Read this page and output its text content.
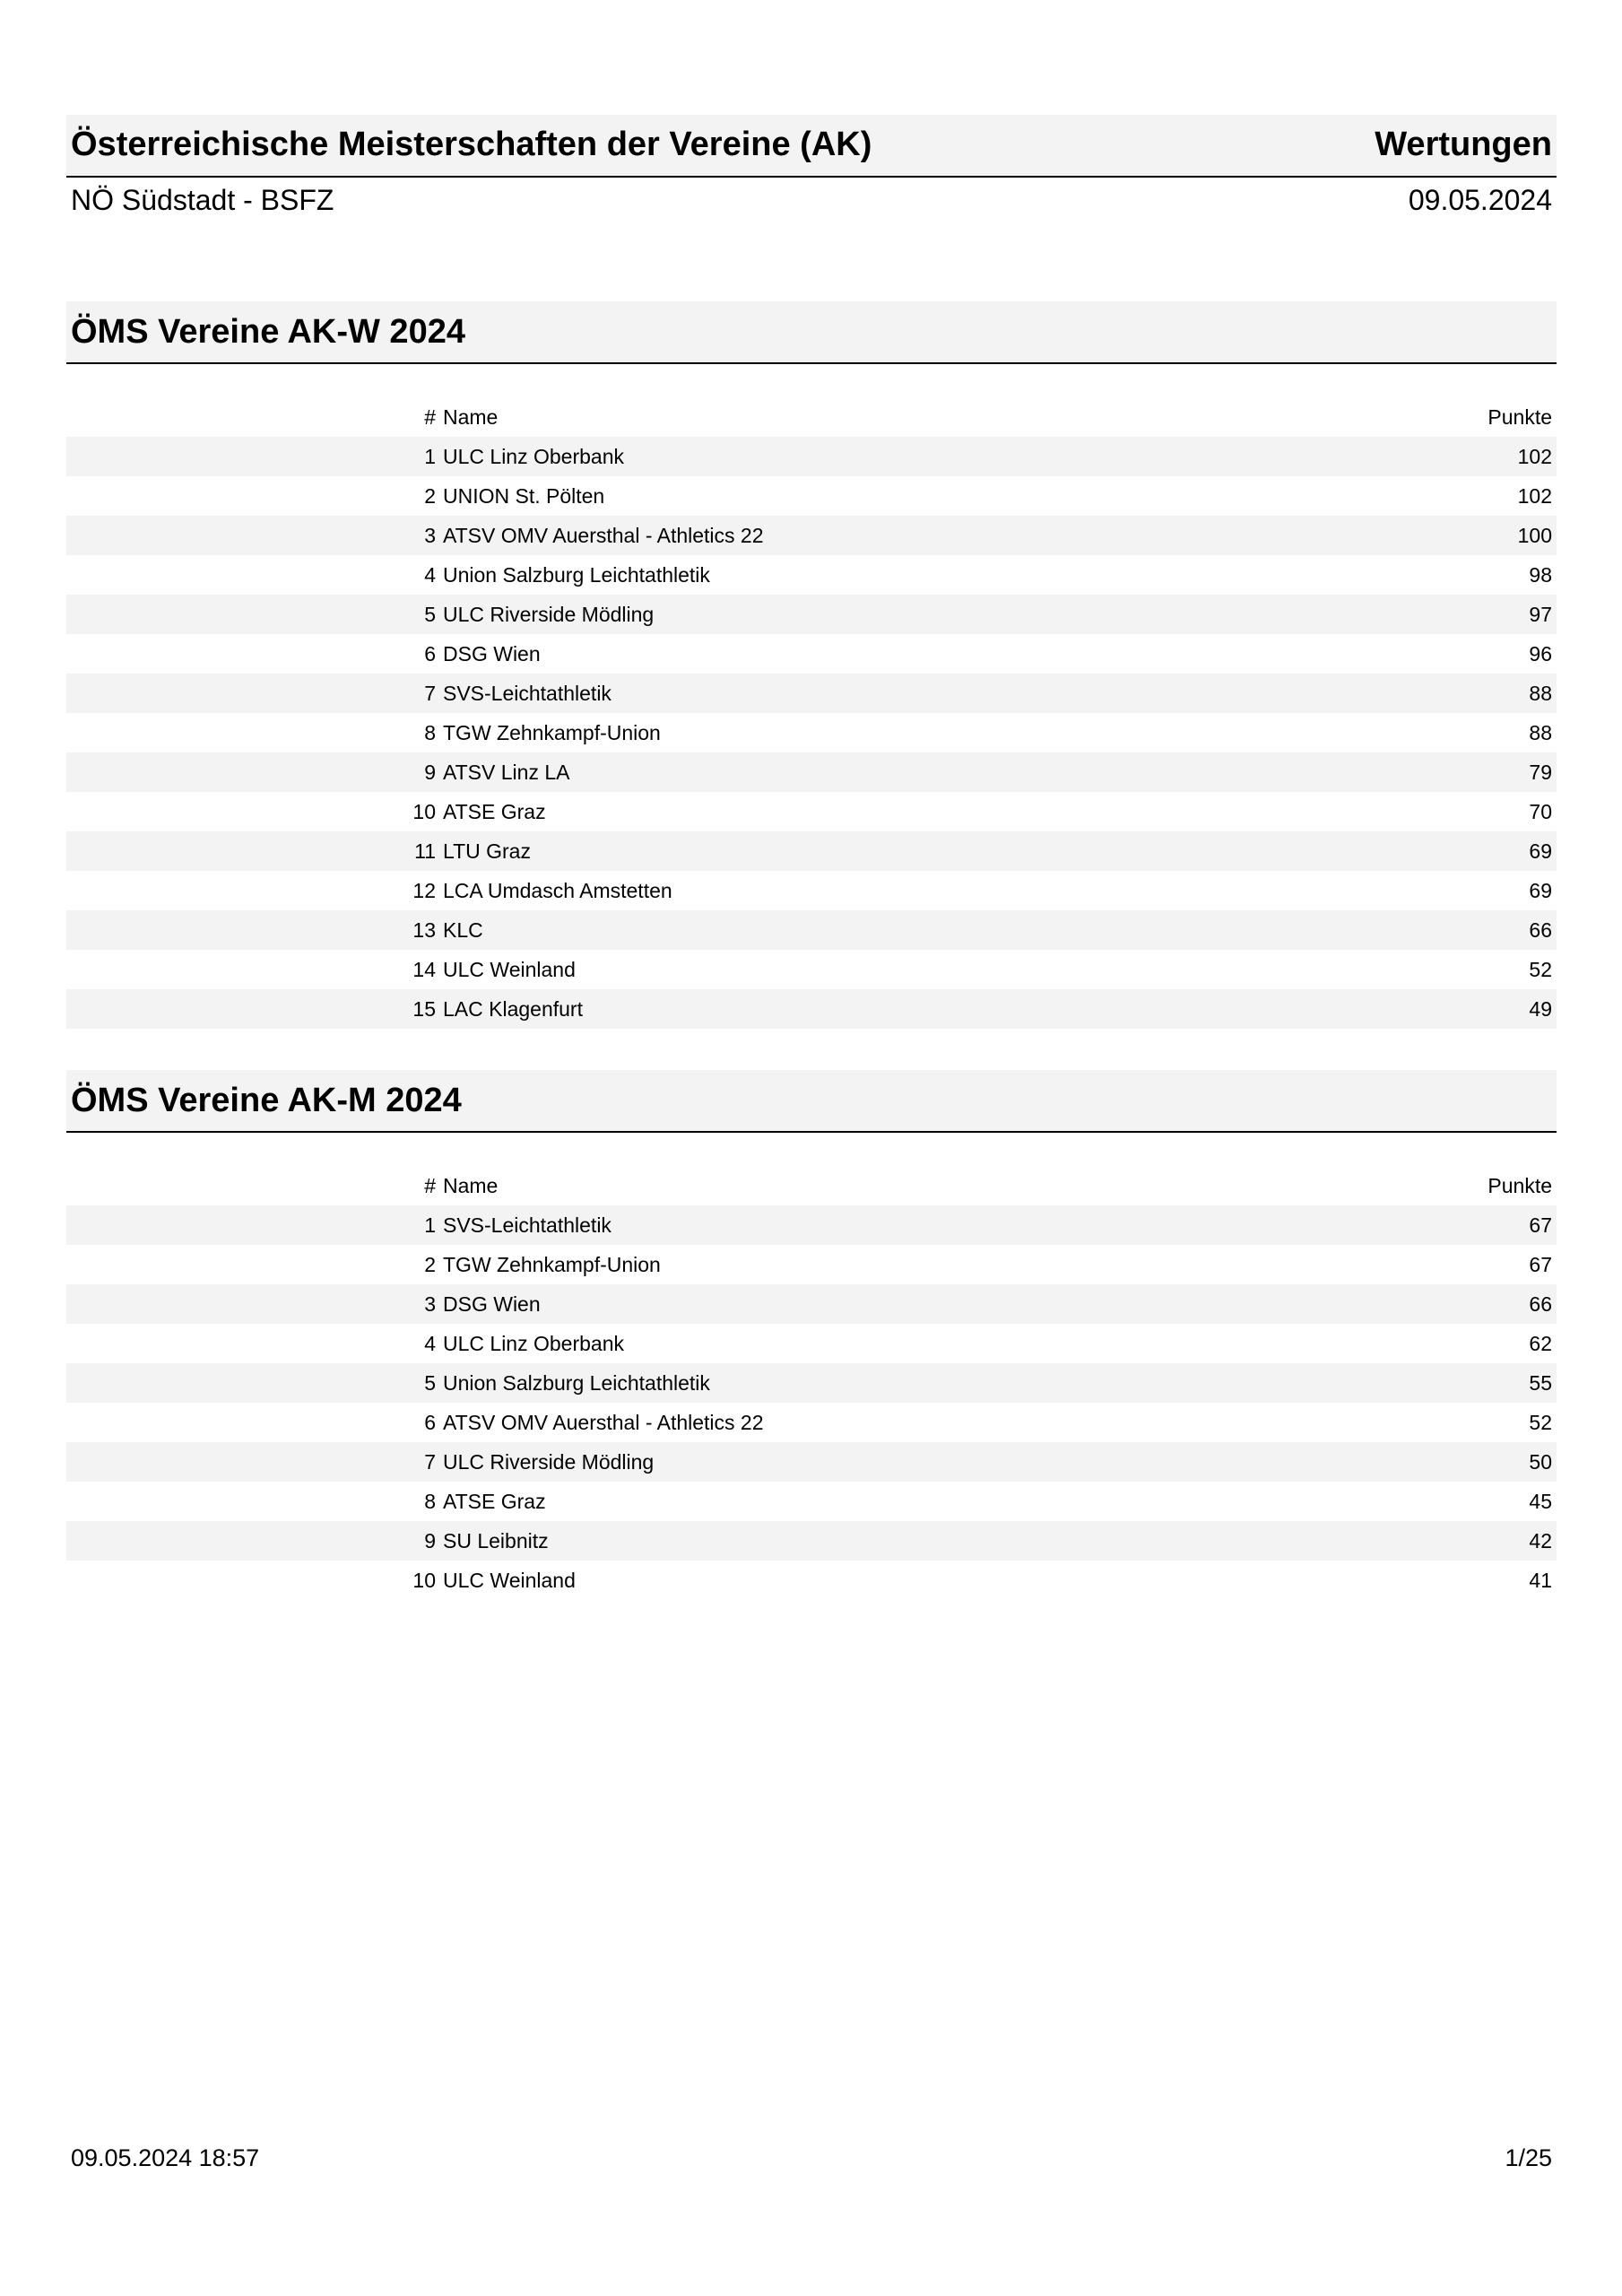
Österreichische Meisterschaften der Vereine (AK)	Wertungen
NÖ Südstadt - BSFZ	09.05.2024
ÖMS Vereine AK-W 2024
# Name	Punkte
1 ULC Linz Oberbank	102
2 UNION St. Pölten	102
3 ATSV OMV Auersthal - Athletics 22	100
4 Union Salzburg Leichtathletik	98
5 ULC Riverside Mödling	97
6 DSG Wien	96
7 SVS-Leichtathletik	88
8 TGW Zehnkampf-Union	88
9 ATSV Linz LA	79
10 ATSE Graz	70
11 LTU Graz	69
12 LCA Umdasch Amstetten	69
13 KLC	66
14 ULC Weinland	52
15 LAC Klagenfurt	49
ÖMS Vereine AK-M 2024
# Name	Punkte
1 SVS-Leichtathletik	67
2 TGW Zehnkampf-Union	67
3 DSG Wien	66
4 ULC Linz Oberbank	62
5 Union Salzburg Leichtathletik	55
6 ATSV OMV Auersthal - Athletics 22	52
7 ULC Riverside Mödling	50
8 ATSE Graz	45
9 SU Leibnitz	42
10 ULC Weinland	41
09.05.2024 18:57	1/25
